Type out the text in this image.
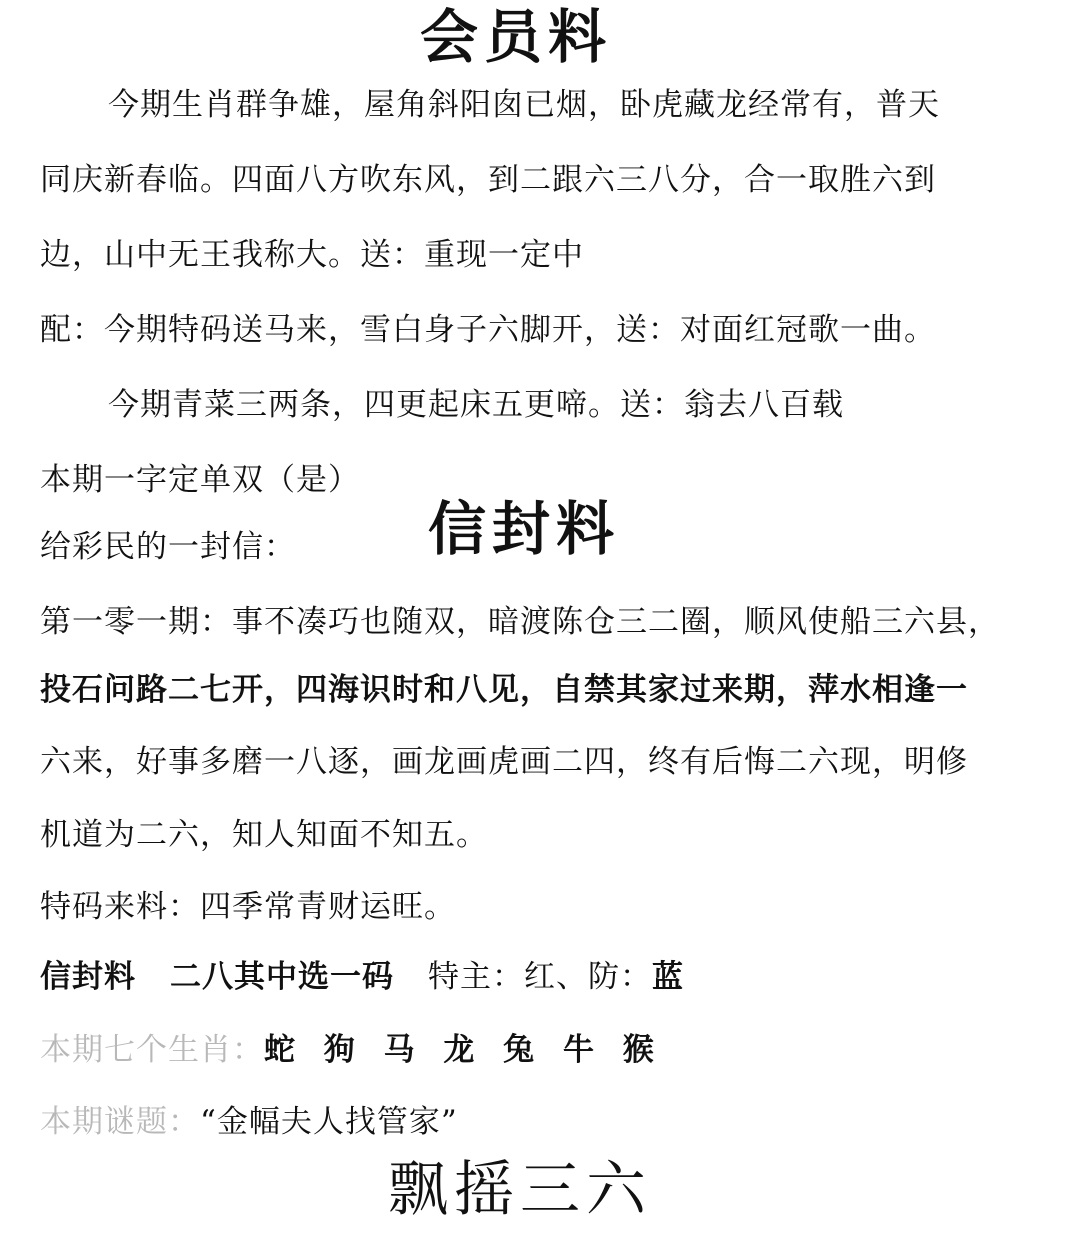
会员料
今期生肖群争雄，屋角斜阳囱已烟，卧虎藏龙经常有，普天
同庆新春临。四面八方吹东风，到二跟六三八分，合一取胜六到
边，山中无王我称大。送：重现一定中
配：今期特码送马来，雪白身子六脚开，送：对面红冠歌一曲。
今期青菜三两条，四更起床五更啼。送：翁去八百载
本期一字定单双（是）
给彩民的一封信： 信封料
第一零一期：事不凑巧也随双，暗渡陈仓三二圈，顺风使船三六县，
投石问路二七开，四海识时和八见，自禁其家过来期，萍水相逢一
六来，好事多磨一八逐，画龙画虎画二四，终有后悔二六现，明修
机道为二六，知人知面不知五。
特码来料：四季常青财运旺。
信封料 二八其中选一码 特主：红、防：蓝
本期七个生肖：蛇 狗 马 龙 兔 牛 猴
本期谜题：“金幅夫人找管家”
飘摇三六
